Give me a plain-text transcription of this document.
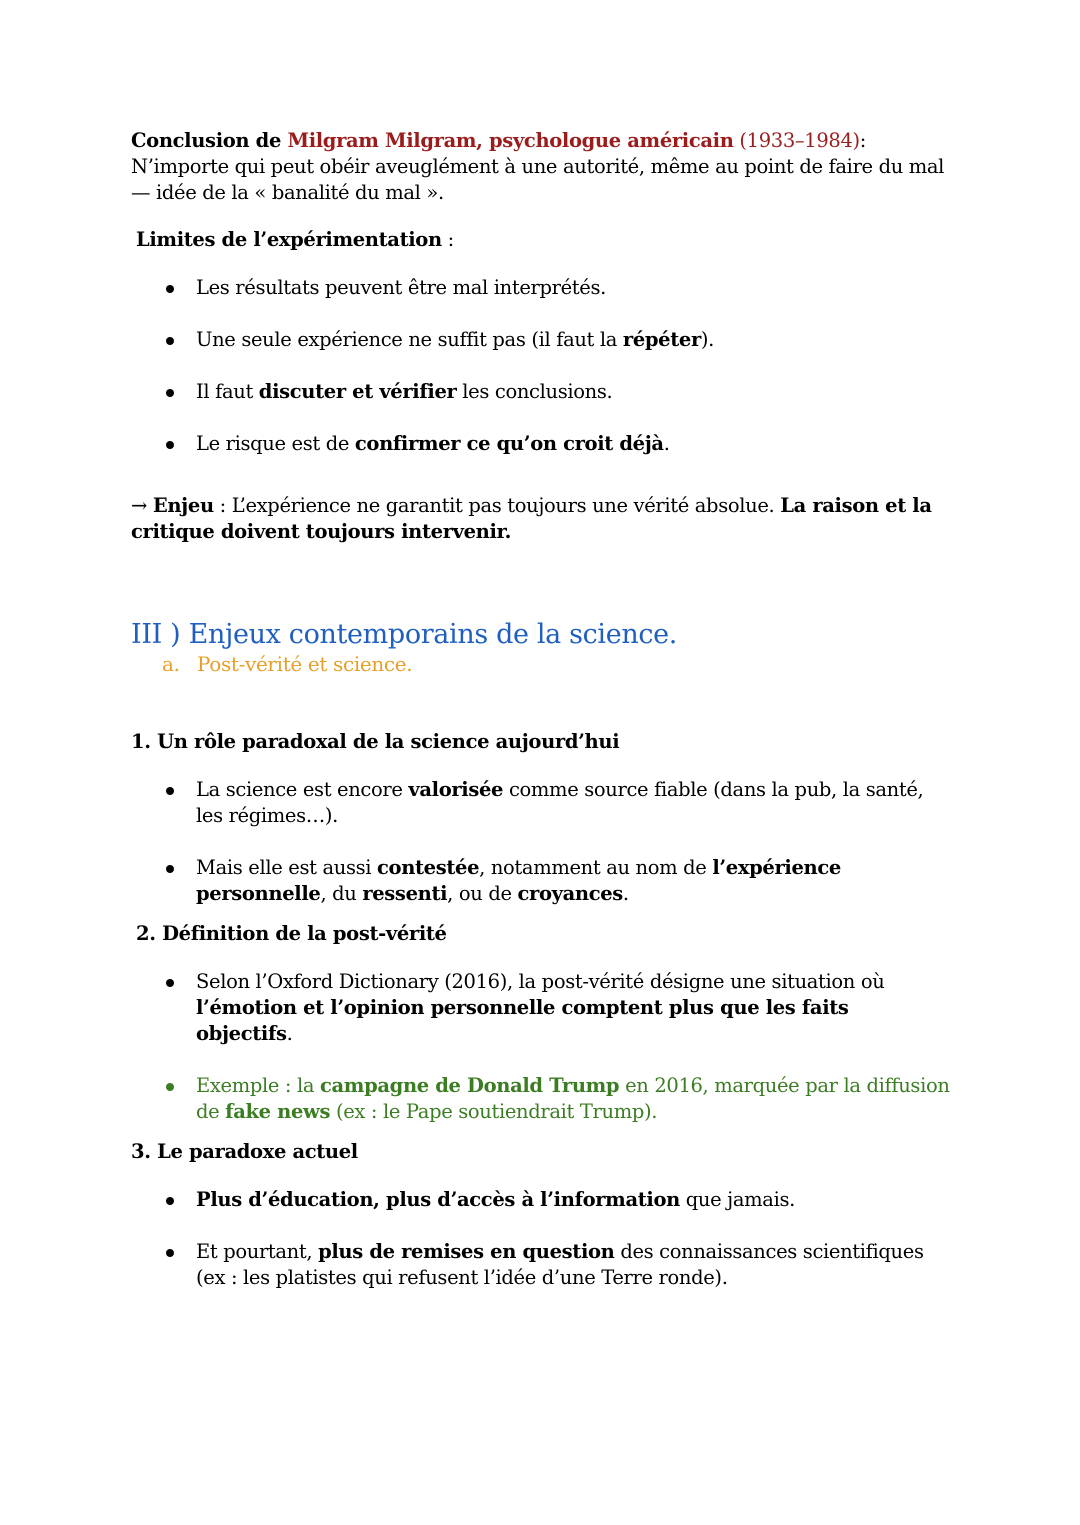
Conclusion de Milgram Milgram, psychologue américain (1933–1984): N’importe qui peut obéir aveuglément à une autorité, même au point de faire du mal — idée de la « banalité du mal ».

Limites de l’expérimentation :

Les résultats peuvent être mal interprétés.
Une seule expérience ne suffit pas (il faut la répéter).
Il faut discuter et vérifier les conclusions.
Le risque est de confirmer ce qu’on croit déjà.

→ Enjeu : L’expérience ne garantit pas toujours une vérité absolue. La raison et la critique doivent toujours intervenir.

III ) Enjeux contemporains de la science.
a. Post-vérité et science.

1. Un rôle paradoxal de la science aujourd’hui

La science est encore valorisée comme source fiable (dans la pub, la santé, les régimes…).
Mais elle est aussi contestée, notamment au nom de l’expérience personnelle, du ressenti, ou de croyances.

2. Définition de la post-vérité

Selon l’Oxford Dictionary (2016), la post-vérité désigne une situation où l’émotion et l’opinion personnelle comptent plus que les faits objectifs.
Exemple : la campagne de Donald Trump en 2016, marquée par la diffusion de fake news (ex : le Pape soutiendrait Trump).

3. Le paradoxe actuel

Plus d’éducation, plus d’accès à l’information que jamais.
Et pourtant, plus de remises en question des connaissances scientifiques (ex : les platistes qui refusent l’idée d’une Terre ronde).
